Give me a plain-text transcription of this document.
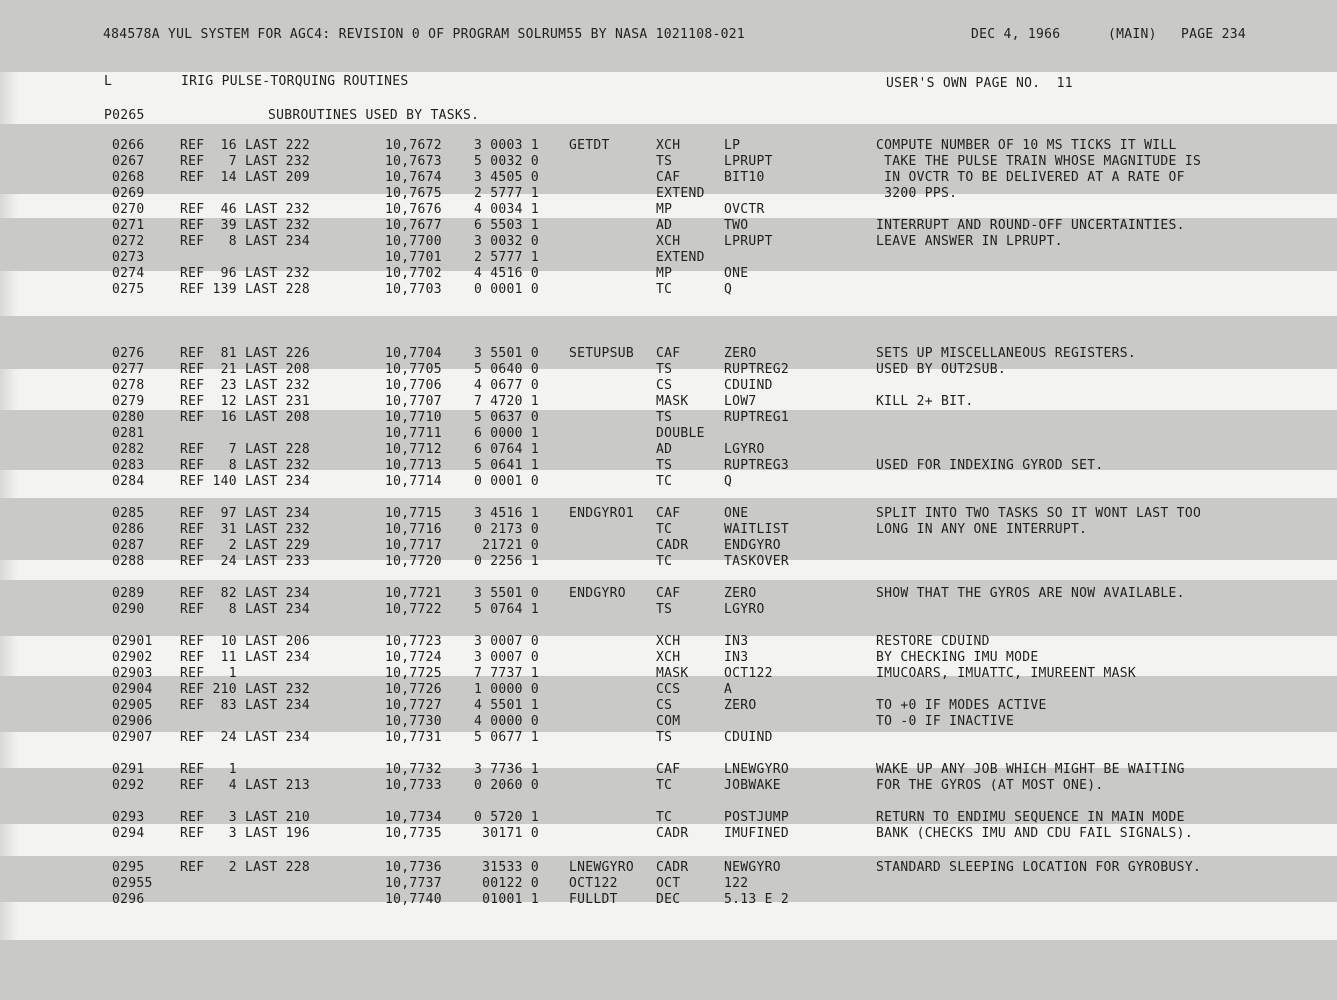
484578A YUL SYSTEM FOR AGC4: REVISION 0 OF PROGRAM SOLRUM55 BY NASA 1021108-021	DEC 4, 1966	(MAIN) PAGE 234
L	IRIG PULSE-TORQUING ROUTINES	USER'S OWN PAGE NO.  11
P0265	SUBROUTINES USED BY TASKS.
0266	REF  16 LAST 222	10,7672 3 0003 1 GETDT	XCH	LP	COMPUTE NUMBER OF 10 MS TICKS IT WILL
0267	REF   7 LAST 232	10,7673 5 0032 0	TS	LPRUPT	TAKE THE PULSE TRAIN WHOSE MAGNITUDE IS
0268	REF  14 LAST 209	10,7674 3 4505 0	CAF	BIT10	IN OVCTR TO BE DELIVERED AT A RATE OF
0269	10,7675 2 5777 1	EXTEND	3200 PPS.
0270	REF  46 LAST 232	10,7676 4 0034 1	MP	OVCTR
0271	REF  39 LAST 232	10,7677 6 5503 1	AD	TWO	INTERRUPT AND ROUND-OFF UNCERTAINTIES.
0272	REF   8 LAST 234	10,7700 3 0032 0	XCH	LPRUPT	LEAVE ANSWER IN LPRUPT.
0273	10,7701 2 5777 1	EXTEND
0274	REF  96 LAST 232	10,7702 4 4516 0	MP	ONE
0275	REF 139 LAST 228	10,7703 0 0001 0	TC	Q
0276	REF  81 LAST 226	10,7704 3 5501 0 SETUPSUB CAF	ZERO	SETS UP MISCELLANEOUS REGISTERS.
0277	REF  21 LAST 208	10,7705 5 0640 0	TS	RUPTREG2	USED BY OUT2SUB.
0278	REF  23 LAST 232	10,7706 4 0677 0	CS	CDUIND
0279	REF  12 LAST 231	10,7707 7 4720 1	MASK	LOW7	KILL 2+ BIT.
0280	REF  16 LAST 208	10,7710 5 0637 0	TS	RUPTREG1
0281	10,7711 6 0000 1	DOUBLE
0282	REF   7 LAST 228	10,7712 6 0764 1	AD	LGYRO
0283	REF   8 LAST 232	10,7713 5 0641 1	TS	RUPTREG3	USED FOR INDEXING GYROD SET.
0284	REF 140 LAST 234	10,7714 0 0001 0	TC	Q
0285	REF  97 LAST 234	10,7715 3 4516 1 ENDGYRO1 CAF	ONE	SPLIT INTO TWO TASKS SO IT WONT LAST TOO
0286	REF  31 LAST 232	10,7716 0 2173 0	TC	WAITLIST	LONG IN ANY ONE INTERRUPT.
0287	REF   2 LAST 229	10,7717 21721 0	CADR	ENDGYRO
0288	REF  24 LAST 233	10,7720 0 2256 1	TC	TASKOVER
0289	REF  82 LAST 234	10,7721 3 5501 0 ENDGYRO CAF	ZERO	SHOW THAT THE GYROS ARE NOW AVAILABLE.
0290	REF   8 LAST 234	10,7722 5 0764 1	TS	LGYRO
02901 REF  10 LAST 206	10,7723 3 0007 0	XCH	IN3	RESTORE CDUIND
02902 REF  11 LAST 234	10,7724 3 0007 0	XCH	IN3	BY CHECKING IMU MODE
02903 REF   1	10,7725 7 7737 1	MASK	OCT122	IMUCOARS, IMUATTC, IMUREENT MASK
02904 REF 210 LAST 232	10,7726 1 0000 0	CCS	A
02905 REF  83 LAST 234	10,7727 4 5501 1	CS	ZERO	TO +0 IF MODES ACTIVE
02906	10,7730 4 0000 0	COM	TO -0 IF INACTIVE
02907 REF  24 LAST 234	10,7731 5 0677 1	TS	CDUIND
0291	REF   1	10,7732 3 7736 1	CAF	LNEWGYRO	WAKE UP ANY JOB WHICH MIGHT BE WAITING
0292	REF   4 LAST 213	10,7733 0 2060 0	TC	JOBWAKE	FOR THE GYROS (AT MOST ONE).
0293	REF   3 LAST 210	10,7734 0 5720 1	TC	POSTJUMP	RETURN TO ENDIMU SEQUENCE IN MAIN MODE
0294	REF   3 LAST 196	10,7735 30171 0	CADR	IMUFINED	BANK (CHECKS IMU AND CDU FAIL SIGNALS).
0295	REF   2 LAST 228	10,7736 31533 0 LNEWGYRO CADR	NEWGYRO	STANDARD SLEEPING LOCATION FOR GYROBUSY.
02955	10,7737 00122 0 OCT122	OCT	122
0296	10,7740 01001 1 FULLDT	DEC	5.13 E 2
